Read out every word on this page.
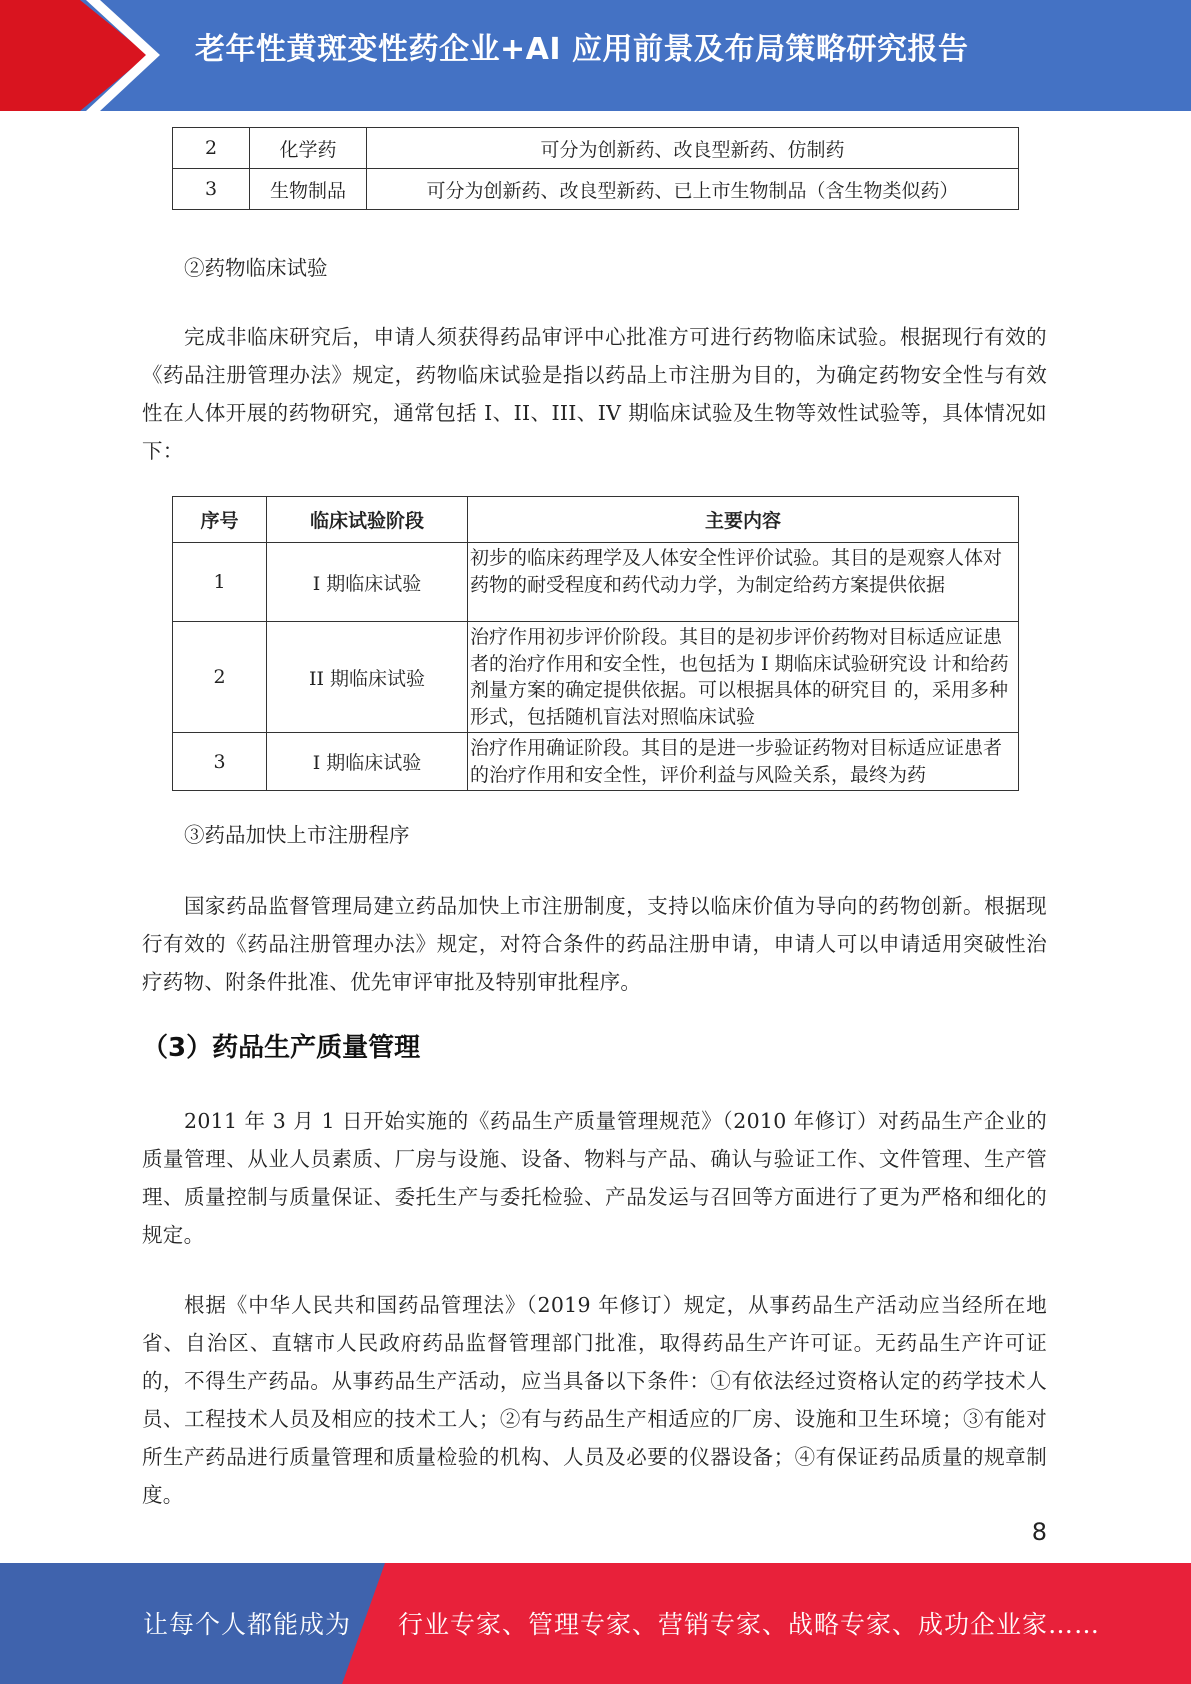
老年性黄斑变性药企业+AI 应用前景及布局策略研究报告
2	化学药	可分为创新药、改良型新药、仿制药
3	生物制品	可分为创新药、改良型新药、已上市生物制品（含生物类似药）
②药物临床试验

完成非临床研究后，申请人须获得药品审评中心批准方可进行药物临床试验。根据现行有效的《药品注册管理办法》规定，药物临床试验是指以药品上市注册为目的，为确定药物安全性与有效性在人体开展的药物研究，通常包括 I、II、III、IV 期临床试验及生物等效性试验等，具体情况如下：

序号	临床试验阶段	主要内容
1	I 期临床试验	初步的临床药理学及人体安全性评价试验。其目的是观察人体对药物的耐受程度和药代动力学，为制定给药方案提供依据
2	II 期临床试验	治疗作用初步评价阶段。其目的是初步评价药物对目标适应证患者的治疗作用和安全性，也包括为 I 期临床试验研究设 计和给药剂量方案的确定提供依据。可以根据具体的研究目 的，采用多种形式，包括随机盲法对照临床试验
3	I 期临床试验	治疗作用确证阶段。其目的是进一步验证药物对目标适应证患者的治疗作用和安全性，评价利益与风险关系，最终为药
③药品加快上市注册程序

国家药品监督管理局建立药品加快上市注册制度，支持以临床价值为导向的药物创新。根据现行有效的《药品注册管理办法》规定，对符合条件的药品注册申请，申请人可以申请适用突破性治疗药物、附条件批准、优先审评审批及特别审批程序。

（3）药品生产质量管理

2011 年 3 月 1 日开始实施的《药品生产质量管理规范》（2010 年修订）对药品生产企业的质量管理、从业人员素质、厂房与设施、设备、物料与产品、确认与验证工作、文件管理、生产管理、质量控制与质量保证、委托生产与委托检验、产品发运与召回等方面进行了更为严格和细化的规定。

根据《中华人民共和国药品管理法》（2019 年修订）规定，从事药品生产活动应当经所在地省、自治区、直辖市人民政府药品监督管理部门批准，取得药品生产许可证。无药品生产许可证的，不得生产药品。从事药品生产活动，应当具备以下条件：①有依法经过资格认定的药学技术人员、工程技术人员及相应的技术工人；②有与药品生产相适应的厂房、设施和卫生环境；③有能对所生产药品进行质量管理和质量检验的机构、人员及必要的仪器设备；④有保证药品质量的规章制度。

8
让每个人都能成为 行业专家、管理专家、营销专家、战略专家、成功企业家……
